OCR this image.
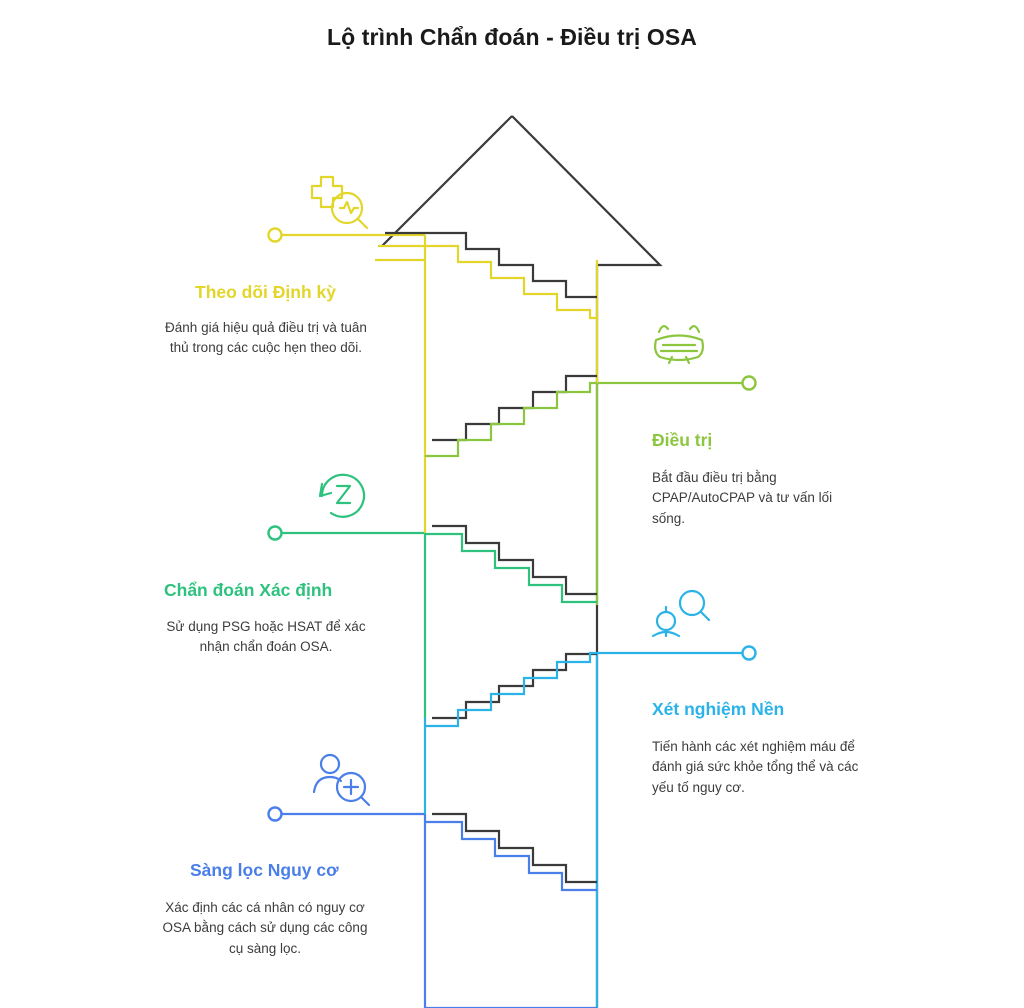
Lộ trình Chẩn đoán - Điều trị OSA
Theo dõi Định kỳ
Đánh giá hiệu quả điều trị và tuân thủ trong các cuộc hẹn theo dõi.
Điều trị
Bắt đầu điều trị bằng CPAP/AutoCPAP và tư vấn lối sống.
Chẩn đoán Xác định
Sử dụng PSG hoặc HSAT để xác nhận chẩn đoán OSA.
Xét nghiệm Nền
Tiến hành các xét nghiệm máu để đánh giá sức khỏe tổng thể và các yếu tố nguy cơ.
Sàng lọc Nguy cơ
Xác định các cá nhân có nguy cơ OSA bằng cách sử dụng các công cụ sàng lọc.
